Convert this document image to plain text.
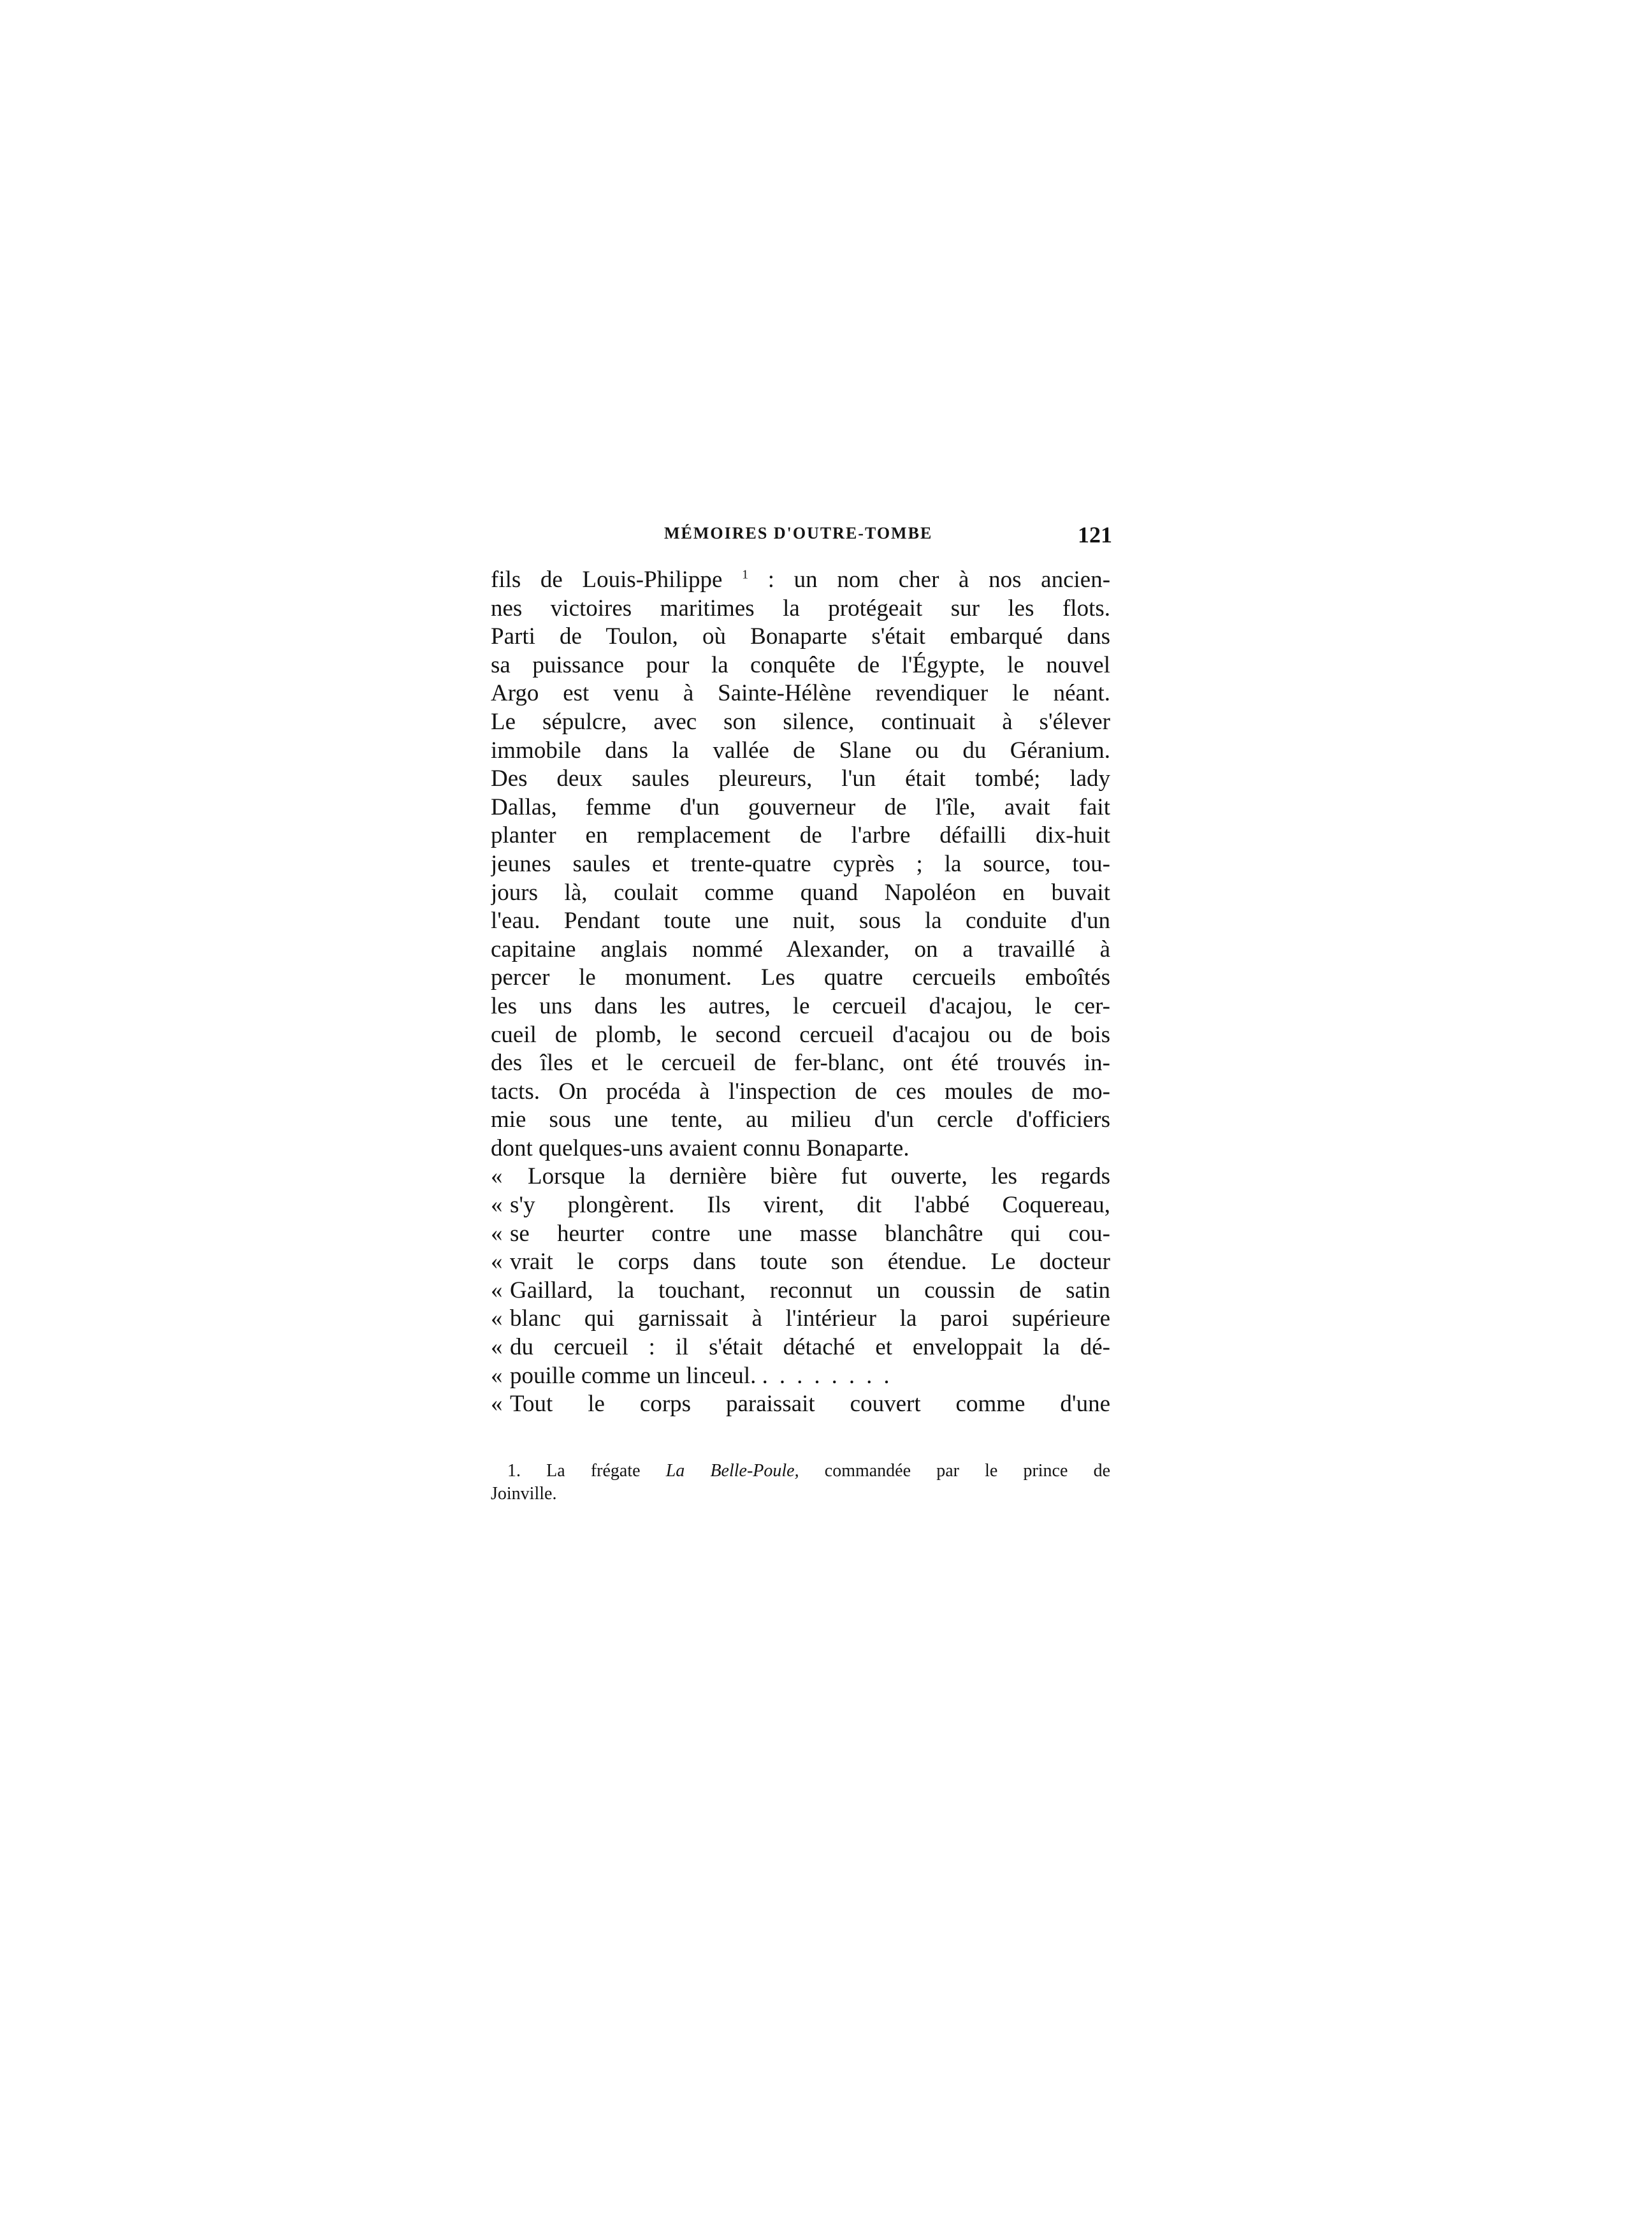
MÉMOIRES D'OUTRE-TOMBE	121
fils de Louis-Philippe $^1$ : un nom cher à nos ancien-
nes victoires maritimes la protégeait sur les flots.
Parti de Toulon, où Bonaparte s'était embarqué dans
sa puissance pour la conquête de l'Égypte, le nouvel
Argo est venu à Sainte-Hélène revendiquer le néant.
Le sépulcre, avec son silence, continuait à s'élever
immobile dans la vallée de Slane ou du Géranium.
Des deux saules pleureurs, l'un était tombé; lady
Dallas, femme d'un gouverneur de l'île, avait fait
planter en remplacement de l'arbre défailli dix-huit
jeunes saules et trente-quatre cyprès ; la source, tou-
jours là, coulait comme quand Napoléon en buvait
l'eau. Pendant toute une nuit, sous la conduite d'un
capitaine anglais nommé Alexander, on a travaillé à
percer le monument. Les quatre cercueils emboîtés
les uns dans les autres, le cercueil d'acajou, le cer-
cueil de plomb, le second cercueil d'acajou ou de bois
des îles et le cercueil de fer-blanc, ont été trouvés in-
tacts. On procéda à l'inspection de ces moules de mo-
mie sous une tente, au milieu d'un cercle d'officiers
dont quelques-uns avaient connu Bonaparte.
«	Lorsque la dernière bière fut ouverte, les regards
« s'y plongèrent. Ils virent, dit l'abbé Coquereau,
« se heurter contre une masse blanchâtre qui cou-
« vrait le corps dans toute son étendue. Le docteur
« Gaillard, la touchant, reconnut un coussin de satin
« blanc qui garnissait à l'intérieur la paroi supérieure
« du cercueil : il s'était détaché et enveloppait la dé-
« pouille comme un linceul. ........
« Tout le corps paraissait couvert comme d'une
1. La frégate La Belle-Poule, commandée par le prince de
Joinville.
